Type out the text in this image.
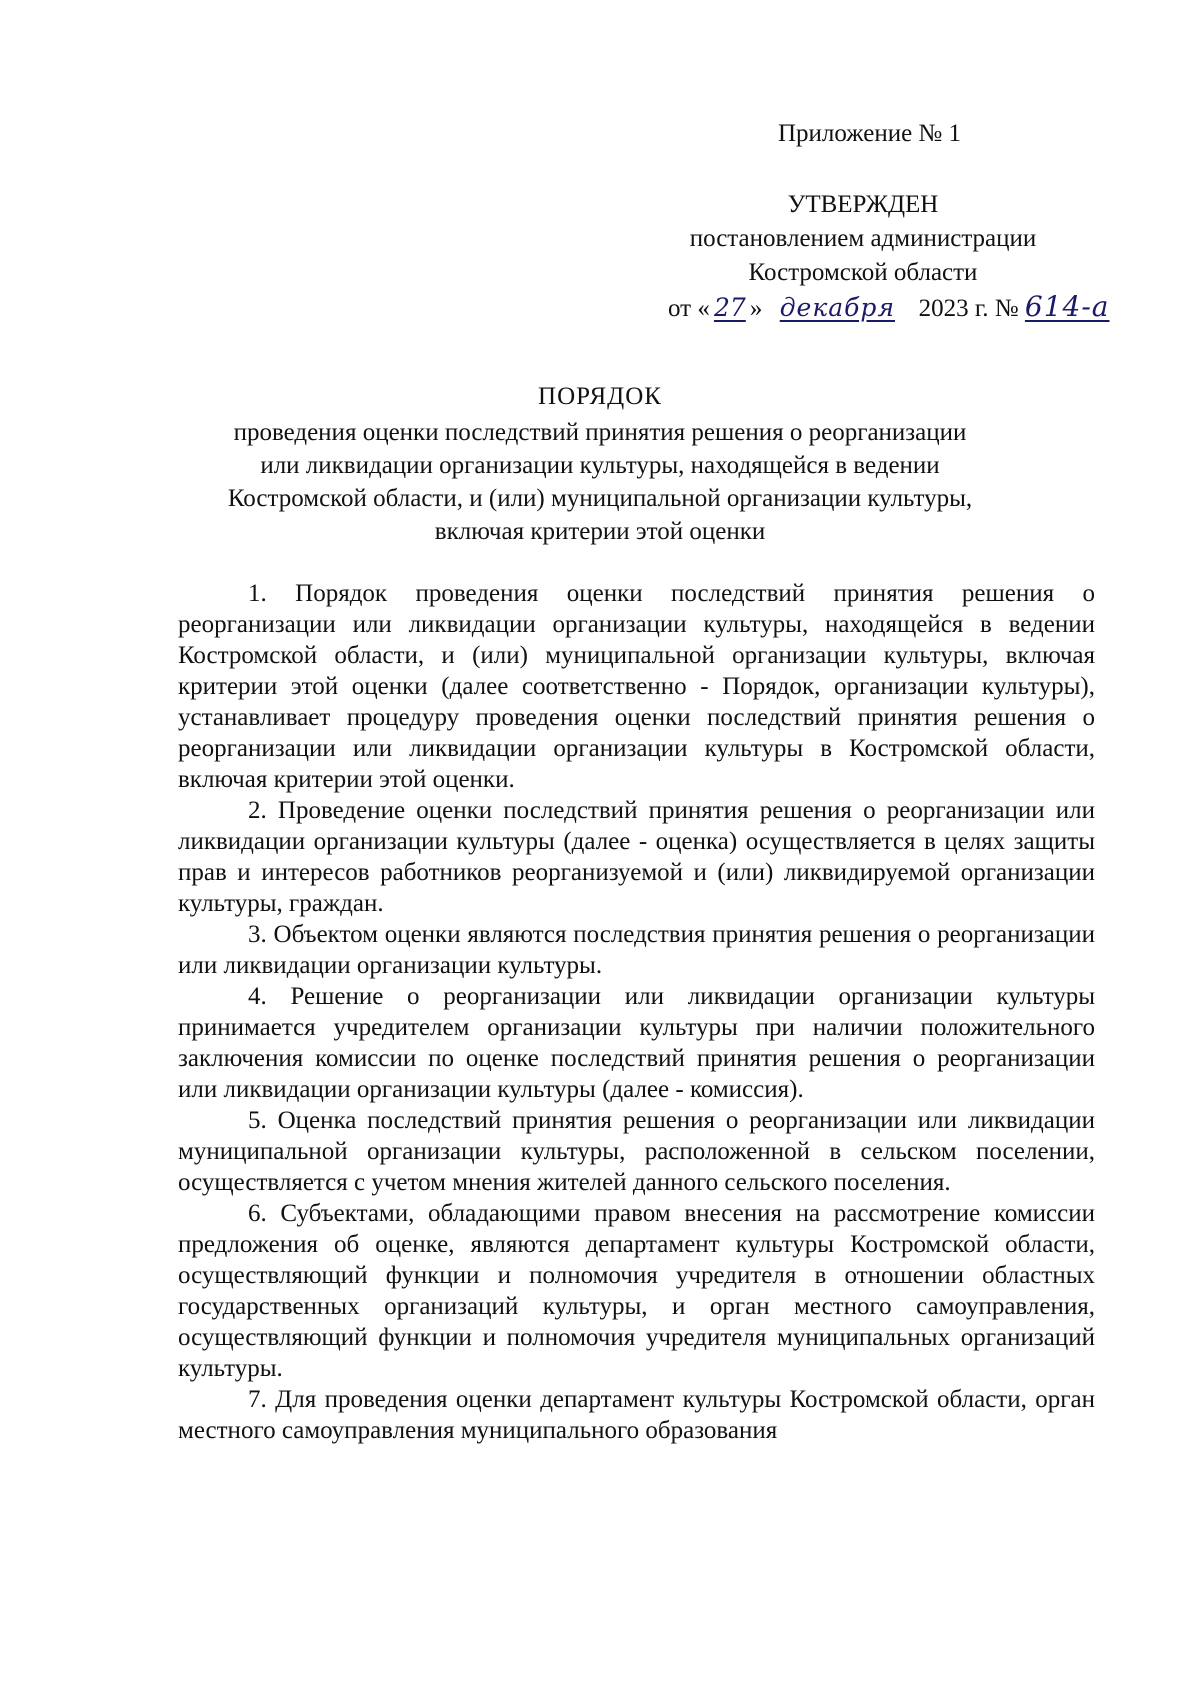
Приложение № 1
УТВЕРЖДЕН
постановлением администрации
Костромской области
от « 27 » декабря 2023 г. № 614-а
ПОРЯДОК
проведения оценки последствий принятия решения о реорганизации
или ликвидации организации культуры, находящейся в ведении
Костромской области, и (или) муниципальной организации культуры,
включая критерии этой оценки

1. Порядок проведения оценки последствий принятия решения о реорганизации или ликвидации организации культуры, находящейся в ведении Костромской области, и (или) муниципальной организации культуры, включая критерии этой оценки (далее соответственно - Порядок, организации культуры), устанавливает процедуру проведения оценки последствий принятия решения о реорганизации или ликвидации организации культуры в Костромской области, включая критерии этой оценки.

2. Проведение оценки последствий принятия решения о реорганизации или ликвидации организации культуры (далее - оценка) осуществляется в целях защиты прав и интересов работников реорганизуемой и (или) ликвидируемой организации культуры, граждан.

3. Объектом оценки являются последствия принятия решения о реорганизации или ликвидации организации культуры.

4. Решение о реорганизации или ликвидации организации культуры принимается учредителем организации культуры при наличии положительного заключения комиссии по оценке последствий принятия решения о реорганизации или ликвидации организации культуры (далее - комиссия).

5. Оценка последствий принятия решения о реорганизации или ликвидации муниципальной организации культуры, расположенной в сельском поселении, осуществляется с учетом мнения жителей данного сельского поселения.

6. Субъектами, обладающими правом внесения на рассмотрение комиссии предложения об оценке, являются департамент культуры Костромской области, осуществляющий функции и полномочия учредителя в отношении областных государственных организаций культуры, и орган местного самоуправления, осуществляющий функции и полномочия учредителя муниципальных организаций культуры.

7. Для проведения оценки департамент культуры Костромской области, орган местного самоуправления муниципального образования
